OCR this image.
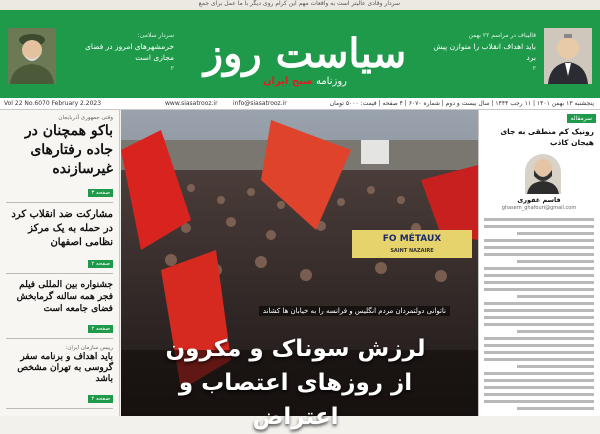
سردار وقادی عالیتر است به واقعات مهم این کرام روی دیگر با ما عمل برای جمع
قالیباف در مراسم ۲۲ بهمن
باید اهداف انقلاب را متوازن پیش برد
۲
سیاست روز
روزنامه صبح ایران
سردار سلامی:
خرمشهرهای امروز در فضای مجازی است
۲
پنجشنبه ۱۳ بهمن ۱۴۰۱ | ۱۱ رجب ۱۴۴۴ | سال بیست و دوم | شماره ۶۰۷۰ | ۴ صفحه | قیمت: ۵۰۰۰ تومان
info@siasatrooz.ir
www.siasatrooz.ir
Vol 22 No.6070 February 2.2023
وقتی جمهوری آذربایجان
باکو همچنان در جاده رفتارهای غیرسازنده
صفحه ۳
مشارکت ضد انقلاب کرد در حمله به یک مرکز نظامی اصفهان
صفحه ۲
جشنواره بین المللی فیلم فجر همه سالنه گرمابخش فضای جامعه است
صفحه ۲
رییس سازمان ایران:
باید اهداف و برنامه سفر گروسی به تهران مشخص باشد
صفحه ۴
FO MÉTAUX
SAINT NAZAIRE
ناتوانی دولتمردان مردم انگلیس و فرانسه را به خیابان ها کشاند
لرزش سوناک و مکرون
از روزهای اعتصاب و اعتراض
سرمقاله
رونیک کم منطقی به جای هیجان کاذب
قاسم غفوری
ghasem_ghafouri@gmail.com
